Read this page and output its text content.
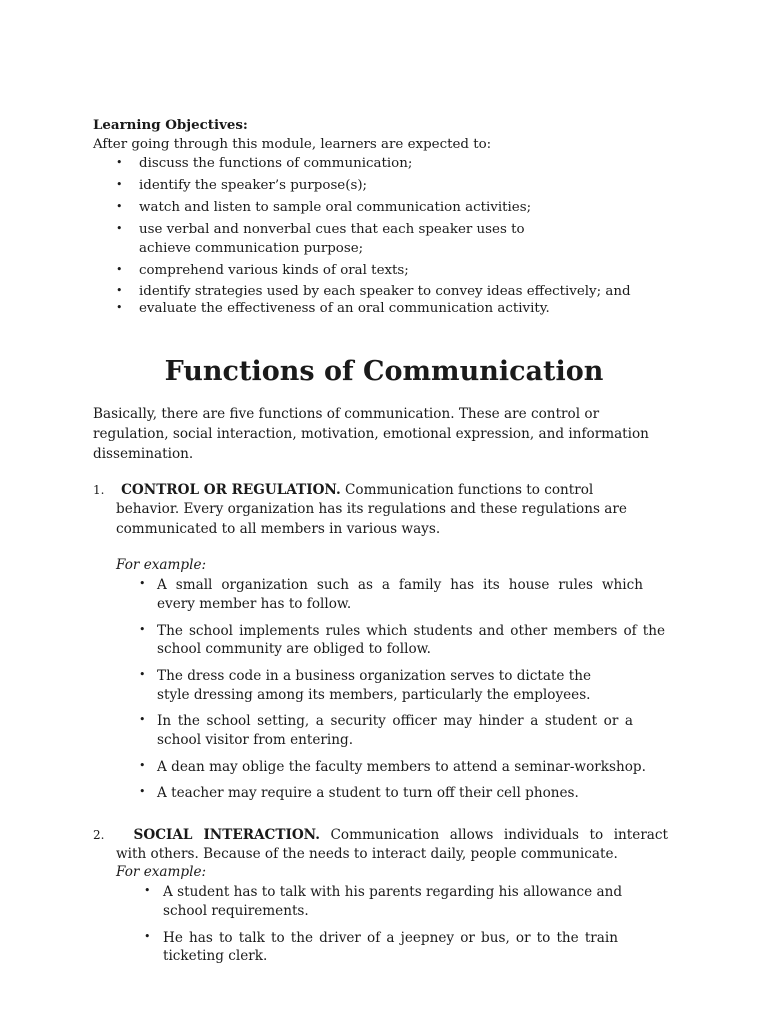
Learning Objectives:
After going through this module, learners are expected to:
• discuss the functions of communication;
• identify the speaker’s purpose(s);
• watch and listen to sample oral communication activities;
• use verbal and nonverbal cues that each speaker uses to
achieve communication purpose;
• comprehend various kinds of oral texts;
• identify strategies used by each speaker to convey ideas effectively; and
• evaluate the effectiveness of an oral communication activity.
Functions of Communication
Basically, there are five functions of communication. These are control or
regulation, social interaction, motivation, emotional expression, and information
dissemination.
1. CONTROL OR REGULATION. Communication functions to control
behavior. Every organization has its regulations and these regulations are
communicated to all members in various ways.
For example:
• A small organization such as a family has its house rules which
every member has to follow.
• The school implements rules which students and other members of the
school community are obliged to follow.
• The dress code in a business organization serves to dictate the
style dressing among its members, particularly the employees.
• In the school setting, a security officer may hinder a student or a
school visitor from entering.
• A dean may oblige the faculty members to attend a seminar-workshop.
• A teacher may require a student to turn off their cell phones.
2. SOCIAL INTERACTION. Communication allows individuals to interact
with others. Because of the needs to interact daily, people communicate.
For example:
• A student has to talk with his parents regarding his allowance and
school requirements.
• He has to talk to the driver of a jeepney or bus, or to the train
ticketing clerk.
